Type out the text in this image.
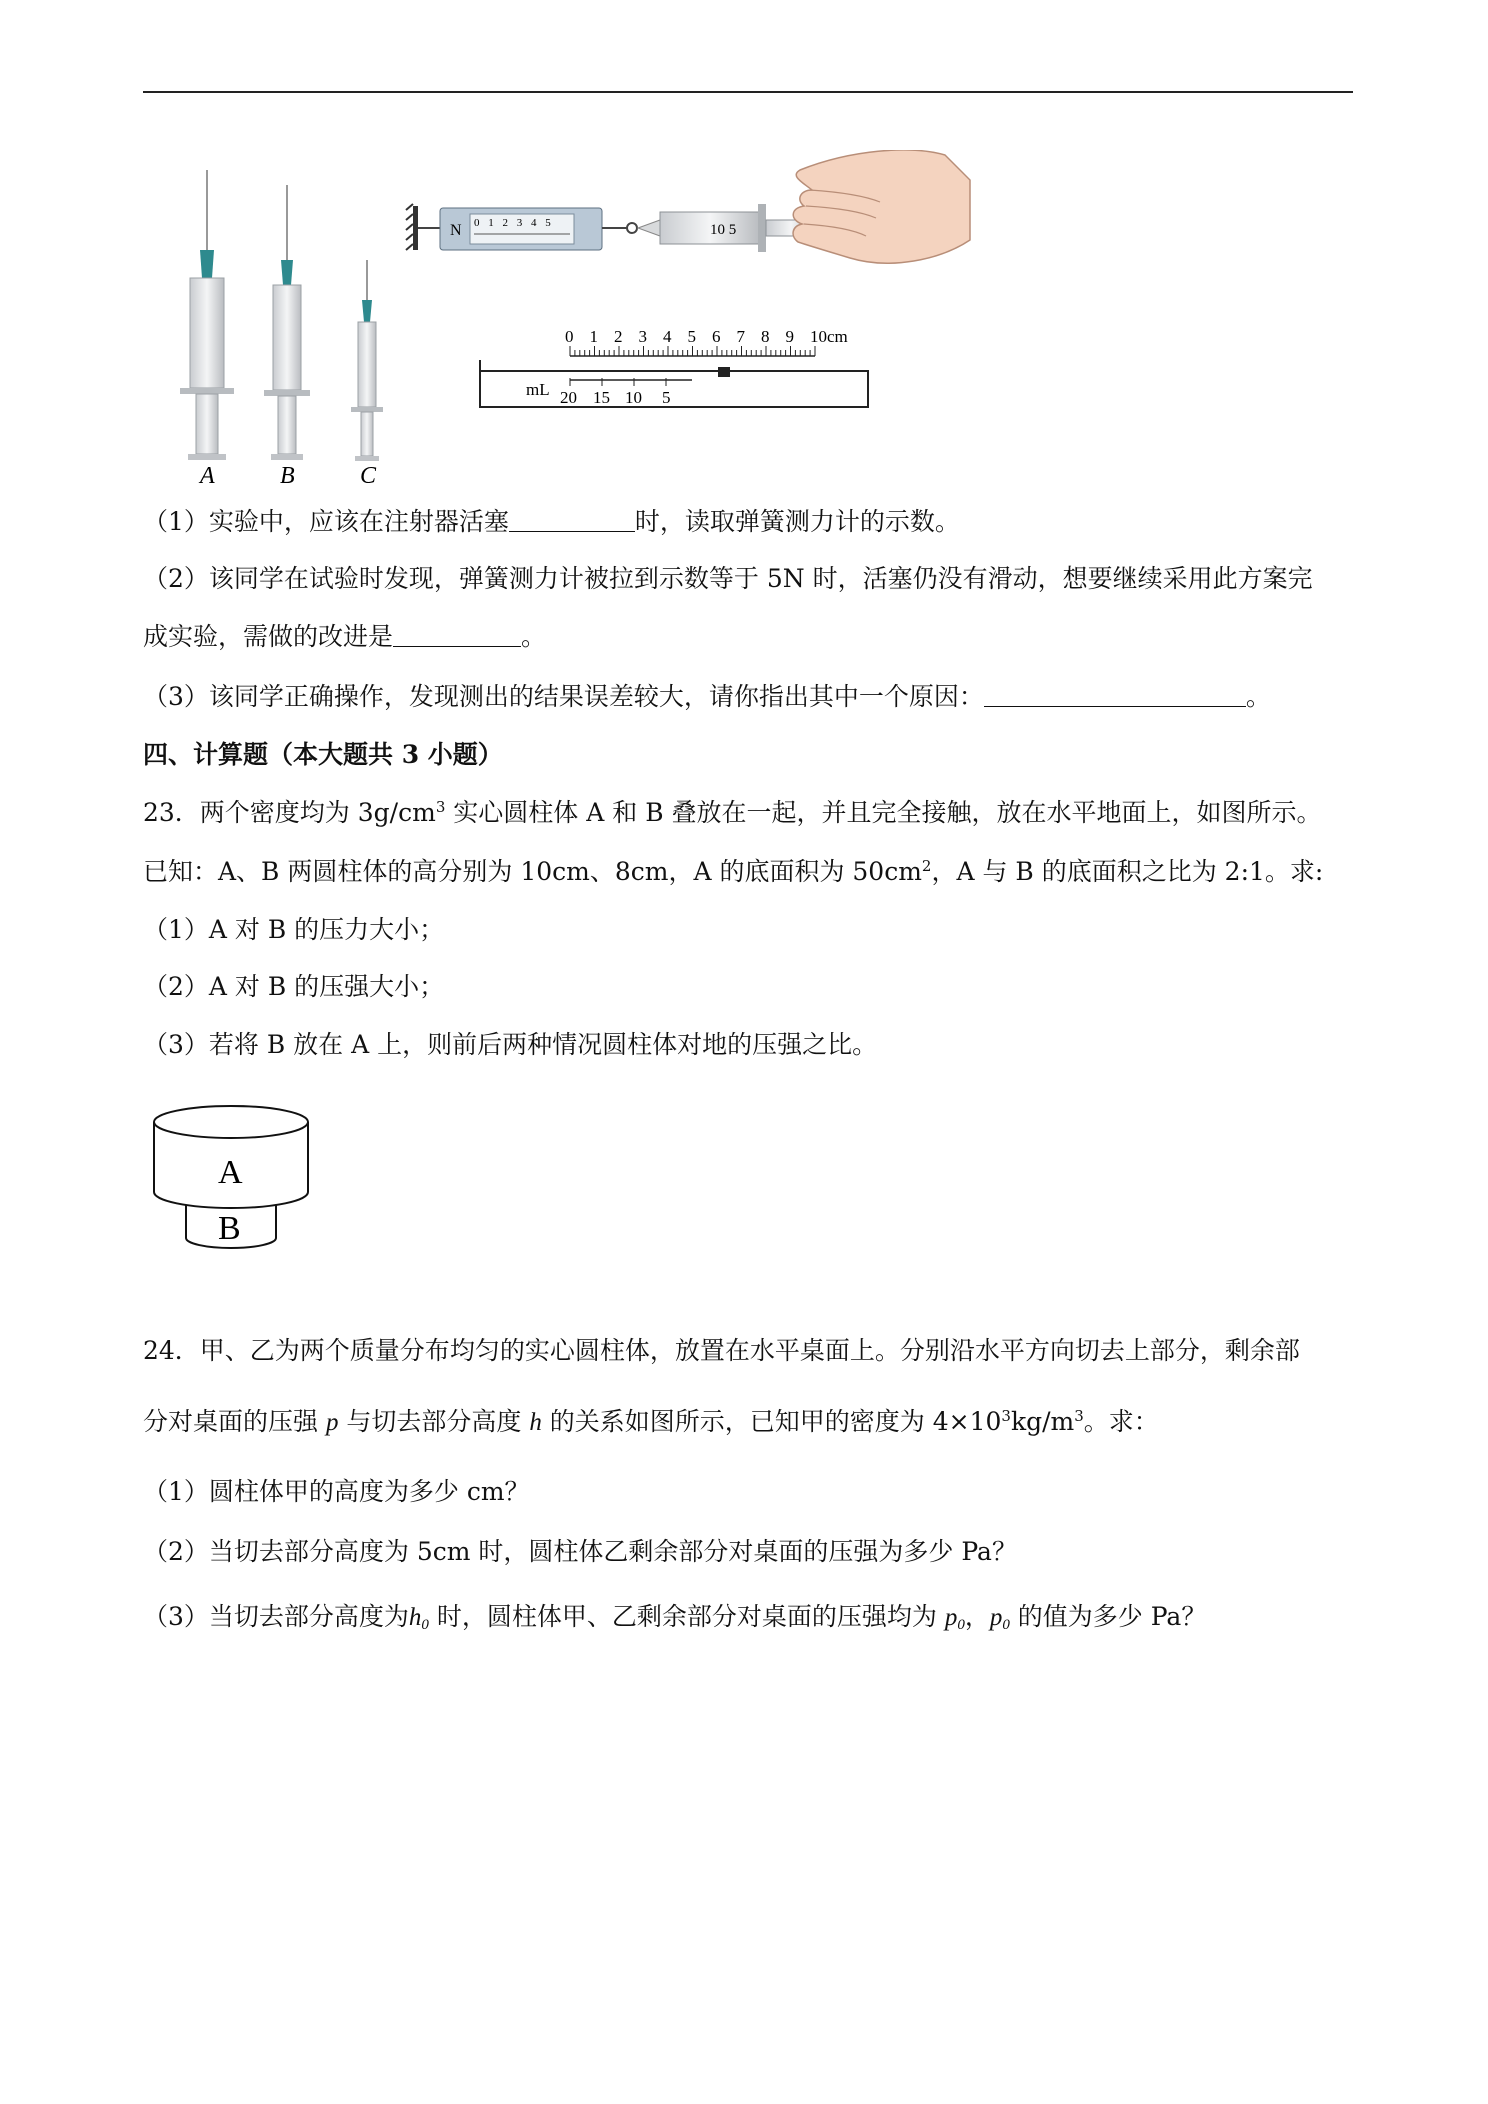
A	B	C
N 0 1 2 3 4 5	10 5
0 1 2 3 4 5 6 7 8 9 10cm
mL 20 15 10 5
（1）实验中，应该在注射器活塞	时，读取弹簧测力计的示数。
（2）该同学在试验时发现，弹簧测力计被拉到示数等于 5N 时，活塞仍没有滑动，想要继续采用此方案完
成实验，需做的改进是	。
（3）该同学正确操作，发现测出的结果误差较大，请你指出其中一个原因：	。
四、计算题（本大题共 3 小题）
23．两个密度均为 $3g/cm^3$ 实心圆柱体 A 和 B 叠放在一起，并且完全接触，放在水平地面上，如图所示。
已知：A、B 两圆柱体的高分别为 10cm、8cm，A 的底面积为 $50cm^2$，A 与 B 的底面积之比为 2:1。求:
（1）A 对 B 的压力大小；
（2）A 对 B 的压强大小；
（3）若将 B 放在 A 上，则前后两种情况圆柱体对地的压强之比。
A
B
24．甲、乙为两个质量分布均匀的实心圆柱体，放置在水平桌面上。分别沿水平方向切去上部分，剩余部
分对桌面的压强 p 与切去部分高度 h 的关系如图所示，已知甲的密度为 $4\times 10^3kg/m^3$。求：
（1）圆柱体甲的高度为多少 cm？
（2）当切去部分高度为 5cm 时，圆柱体乙剩余部分对桌面的压强为多少 Pa？
（3）当切去部分高度为$h_0$ 时，圆柱体甲、乙剩余部分对桌面的压强均为 $p_0$，$p_0$ 的值为多少 Pa？
